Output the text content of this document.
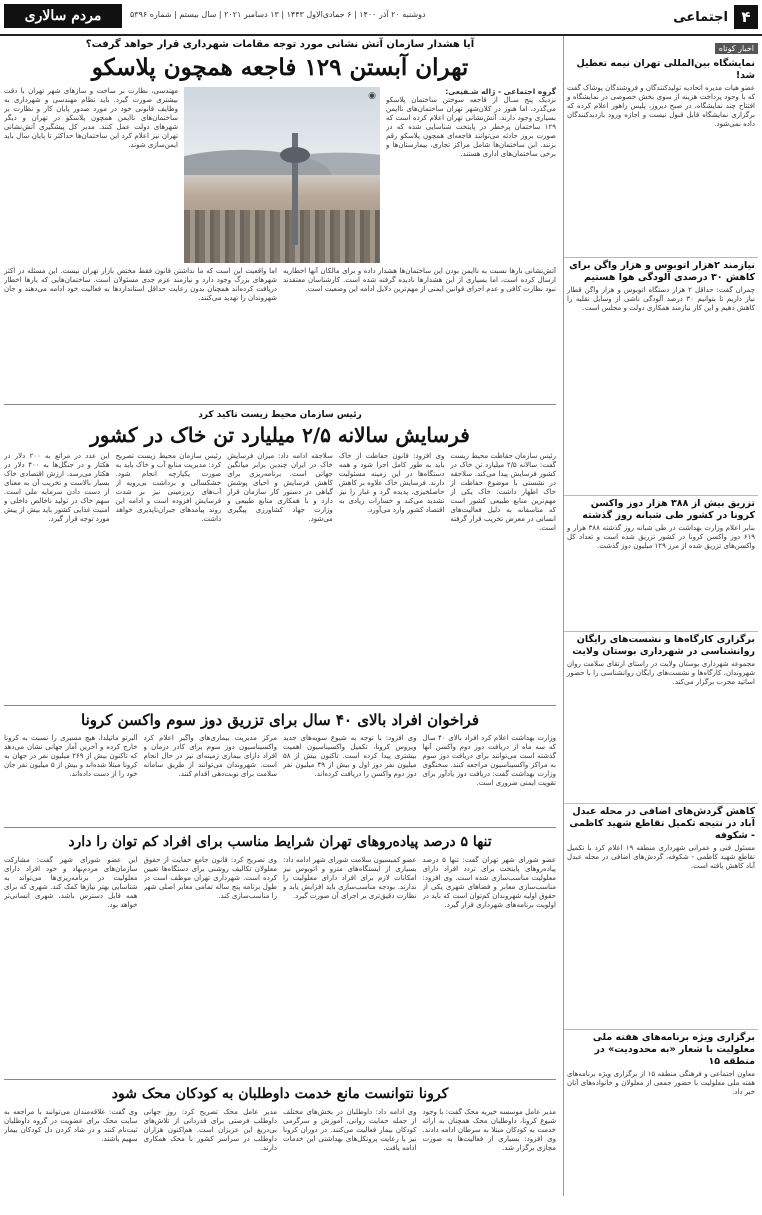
۴
اجتماعی
دوشنبه ۲۰ آذر ۱۴۰۰ | ۶ جمادی‌الاول ۱۴۴۳ | ۱۳ دسامبر ۲۰۲۱ | سال بیستم | شماره ۵۳۹۶
مردم سالاری
اخبار کوتاه
نمایشگاه بین‌المللی تهران نیمه تعطیل شد!

عضو هیات مدیره اتحادیه تولیدکنندگان و فروشندگان پوشاک گفت که با وجود پرداخت هزینه از سوی بخش خصوصی در نمایشگاه و افتتاح چند نمایشگاه، در صبح دیروز، پلیس راهور اعلام کرده که برگزاری نمایشگاه قابل قبول نیست و اجازه ورود بازدیدکنندگان داده نمی‌شود.

نیازمند ۲هزار اتوبوس و هزار واگن برای کاهش ۳۰ درصدی آلودگی هوا هستیم

چمران گفت: حداقل ۲ هزار دستگاه اتوبوس و هزار واگن قطار نیاز داریم تا بتوانیم ۳۰ درصد آلودگی ناشی از وسایل نقلیه را کاهش دهیم و این کار نیازمند همکاری دولت و مجلس است.

تزریق بیش از ۳۸۸ هزار دوز واکسن کرونا در کشور طی شبانه روز گذشته

بنابر اعلام وزارت بهداشت در طی شبانه روز گذشته ۳۸۸ هزار و ۶۱۹ دوز واکسن کرونا در کشور تزریق شده است و تعداد کل واکسن‌های تزریق شده از مرز ۱۲۹ میلیون دوز گذشت.

برگزاری کارگاه‌ها و نشست‌های رایگان روانشناسی در شهرداری بوستان ولایت

مجموعه شهرداری بوستان ولایت در راستای ارتقای سلامت روان شهروندان، کارگاه‌ها و نشست‌های رایگان روانشناسی را با حضور اساتید مجرب برگزار می‌کند.

کاهش گردش‌های اضافی در محله عبدل آباد در نتیجه تکمیل تقاطع شهید کاظمی - شکوفه

مسئول فنی و عمرانی شهرداری منطقه ۱۹ اعلام کرد با تکمیل تقاطع شهید کاظمی - شکوفه، گردش‌های اضافی در محله عبدل آباد کاهش یافته است.

برگزاری ویژه برنامه‌های هفته ملی معلولیت با شعار «به محدودیت» در منطقه ۱۵

معاون اجتماعی و فرهنگی منطقه ۱۵ از برگزاری ویژه برنامه‌های هفته ملی معلولیت با حضور جمعی از معلولان و خانواده‌های آنان خبر داد.

آیا هشدار سازمان آتش نشانی مورد توجه مقامات شهرداری قرار خواهد گرفت؟
تهران آبستن ۱۲۹ فاجعه همچون پلاسکو
گروه اجتماعی - ژاله شـفیعی:

نزدیک پنج سـال از فاجعه سوختن ساختمان پلاسکو می‌گذرد، اما هنوز در کلان‌شهر تهران ساختمان‌های ناایمن بسیاری وجود دارند. آتش‌نشانی تهران اعلام کرده است که ۱۲۹ ساختمان پرخطر در پایتخت شناسایی شده که در صورت بروز حادثه می‌توانند فاجعه‌ای همچون پلاسکو رقم بزنند. این ساختمان‌ها شامل مراکز تجاری، بیمارستان‌ها و برخی ساختمان‌های اداری هستند.

◉

مهندسی، نظارت بر ساخت و سازهای شهر تهران با دقت بیشتری صورت گیرد. باید نظام مهندسی و شهرداری به وظایف قانونی خود در مورد صدور پایان کار و نظارت بر ساختمان‌های ناایمن همچون پلاسکو در تهران و دیگر شهرهای دولت عمل کنند. مدیر کل پیشگیری آتش‌نشانی تهران نیز اعلام کرد این ساختمان‌ها حداکثر تا پایان سال باید ایمن‌سازی شوند.

آتش‌نشانی بارها نسبت به ناایمن بودن این ساختمان‌ها هشدار داده و برای مالکان آنها اخطاریه ارسال کرده است، اما بسیاری از این هشدارها نادیده گرفته شده است. کارشناسان معتقدند نبود نظارت کافی و عدم اجرای قوانین ایمنی از مهم‌ترین دلایل ادامه این وضعیت است.

اما واقعیت این است که ما نداشتن قانون فقط مختص بازار تهران نیست. این مسئله در اکثر شهرهای بزرگ وجود دارد و نیازمند عزم جدی مسئولان است. ساختمان‌هایی که بارها اخطار دریافت کرده‌اند همچنان بدون رعایت حداقل استانداردها به فعالیت خود ادامه می‌دهند و جان شهروندان را تهدید می‌کنند.

رئیس سازمان محیط زیست تاکید کرد
فرسایش سالانه ۲/۵ میلیارد تن خاک در کشور

رئیس سازمان حفاظت محیط زیست گفت: سالانه ۲/۵ میلیارد تن خاک در کشور فرسایش پیدا می‌کند. سلاجقه در نشستی با موضوع حفاظت از خاک اظهار داشت: خاک یکی از مهم‌ترین منابع طبیعی کشور است که متاسفانه به دلیل فعالیت‌های انسانی در معرض تخریب قرار گرفته است.

وی افزود: قانون حفاظت از خاک باید به طور کامل اجرا شود و همه دستگاه‌ها در این زمینه مسئولیت دارند. فرسایش خاک علاوه بر کاهش حاصلخیزی، پدیده گرد و غبار را نیز تشدید می‌کند و خسارات زیادی به اقتصاد کشور وارد می‌آورد.

سلاجقه ادامه داد: میزان فرسایش خاک در ایران چندین برابر میانگین جهانی است. برنامه‌ریزی برای کاهش فرسایش و احیای پوشش گیاهی در دستور کار سازمان قرار دارد و با همکاری منابع طبیعی و وزارت جهاد کشاورزی پیگیری می‌شود.

رئیس سازمان محیط زیست تصریح کرد: مدیریت منابع آب و خاک باید به صورت یکپارچه انجام شود. خشکسالی و برداشت بی‌رویه از آب‌های زیرزمینی نیز بر شدت فرسایش افزوده است و ادامه این روند پیامدهای جبران‌ناپذیری خواهد داشت.

این عدد در مراتع به ۲۰۰ دلار در هکتار و در جنگل‌ها به ۴۰۰ دلار در هکتار می‌رسد. ارزش اقتصادی خاک بسیار بالاست و تخریب آن به معنای از دست دادن سرمایه ملی است. سهم خاک در تولید ناخالص داخلی و امنیت غذایی کشور باید بیش از پیش مورد توجه قرار گیرد.

فراخوان افراد بالای ۴۰ سال برای تزریق دوز سوم واکسن کرونا

وزارت بهداشت اعلام کرد افراد بالای ۴۰ سال که سه ماه از دریافت دوز دوم واکسن آنها گذشته است می‌توانند برای دریافت دوز سوم به مراکز واکسیناسیون مراجعه کنند. سخنگوی وزارت بهداشت گفت: دریافت دوز یادآور برای تقویت ایمنی ضروری است.

وی افزود: با توجه به شیوع سویه‌های جدید ویروس کرونا، تکمیل واکسیناسیون اهمیت بیشتری پیدا کرده است. تاکنون بیش از ۵۸ میلیون نفر دوز اول و بیش از ۴۹ میلیون نفر دوز دوم واکسن را دریافت کرده‌اند.

مرکز مدیریت بیماری‌های واگیر اعلام کرد واکسیناسیون دوز سوم برای کادر درمان و افراد دارای بیماری زمینه‌ای نیز در حال انجام است. شهروندان می‌توانند از طریق سامانه سلامت برای نوبت‌دهی اقدام کنند.

آلبرتو ماتیلدا، هیچ مسیری را نسبت به کرونا خارج کرده و آخرین آمار جهانی نشان می‌دهد که تاکنون بیش از ۲۶۹ میلیون نفر در جهان به کرونا مبتلا شده‌اند و بیش از ۵ میلیون نفر جان خود را از دست داده‌اند.

تنها ۵ درصد پیاده‌روهای تهران شرایط مناسب برای افراد کم توان را دارد

عضو شورای شهر تهران گفت: تنها ۵ درصد پیاده‌روهای پایتخت برای تردد افراد دارای معلولیت مناسب‌سازی شده است. وی افزود: مناسب‌سازی معابر و فضاهای شهری یکی از حقوق اولیه شهروندان کم‌توان است که باید در اولویت برنامه‌های شهرداری قرار گیرد.

عضو کمیسیون سلامت شورای شهر ادامه داد: بسیاری از ایستگاه‌های مترو و اتوبوس نیز امکانات لازم برای افراد دارای معلولیت را ندارند. بودجه مناسب‌سازی باید افزایش یابد و نظارت دقیق‌تری بر اجرای آن صورت گیرد.

وی تصریح کرد: قانون جامع حمایت از حقوق معلولان تکالیف روشنی برای دستگاه‌ها تعیین کرده است. شهرداری تهران موظف است در طول برنامه پنج ساله تمامی معابر اصلی شهر را مناسب‌سازی کند.

این عضو شورای شهر گفت: مشارکت سازمان‌های مردم‌نهاد و خود افراد دارای معلولیت در برنامه‌ریزی‌ها می‌تواند به شناسایی بهتر نیازها کمک کند. شهری که برای همه قابل دسترس باشد، شهری انسانی‌تر خواهد بود.

کرونا نتوانست مانع خدمت داوطلبان به کودکان محک شود

مدیر عامل موسسه خیریه محک گفت: با وجود شیوع کرونا، داوطلبان محک همچنان به ارائه خدمت به کودکان مبتلا به سرطان ادامه دادند. وی افزود: بسیاری از فعالیت‌ها به صورت مجازی برگزار شد.

وی ادامه داد: داوطلبان در بخش‌های مختلف از جمله حمایت روانی، آموزش و سرگرمی کودکان بیمار فعالیت می‌کنند. در دوران کرونا نیز با رعایت پروتکل‌های بهداشتی این خدمات ادامه یافت.

مدیر عامل محک تصریح کرد: روز جهانی داوطلب فرصتی برای قدردانی از تلاش‌های بی‌دریغ این عزیزان است. هم‌اکنون هزاران داوطلب در سراسر کشور با محک همکاری دارند.

وی گفت: علاقه‌مندان می‌توانند با مراجعه به سایت محک برای عضویت در گروه داوطلبان ثبت‌نام کنند و در شاد کردن دل کودکان بیمار سهیم باشند.
